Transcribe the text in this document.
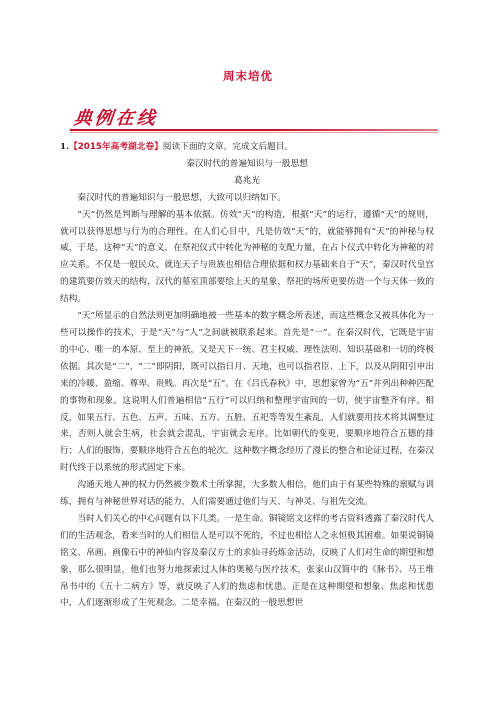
周末培优
典例在线
1.【2015年高考湖北卷】阅读下面的文章，完成文后题目。
秦汉时代的普遍知识与一般思想
葛兆光

秦汉时代的普遍知识与一般思想，大致可以归纳如下。

“天”仍然是判断与理解的基本依据。仿效“天”的构造，根据“天”的运行，遵循“天”的规则，就可以获得思想与行为的合理性。在人们心目中，凡是仿效“天”的，就能够拥有“天”的神秘与权威，于是，这种“天”的意义，在祭祀仪式中转化为神秘的支配力量，在占卜仪式中转化为神秘的对应关系。不仅是一般民众，就连天子与贵族也相信合理依据和权力基础来自于“天”，秦汉时代皇宫的建筑要仿效天的结构，汉代的墓室顶部要绘上天的星象，祭祀的场所更要仿造一个与天体一致的结构。

“天”所显示的自然法则更加明确地被一些基本的数字概念所表述，而这些概念又被具体化为一些可以操作的技术，于是“天”与“人”之间就被联系起来。首先是“一”。在秦汉时代，它既是宇宙的中心、唯一的本原、至上的神祇，又是天下一统、君主权威、理性法则、知识基础和一切的终极依据。其次是“二”，“二”即阴阳，既可以指日月、天地，也可以指君臣、上下，以及从阴阳引申出来的冷暖、盈缩、尊卑、贵贱。再次是“五”。在《吕氏春秋》中，思想家曾为“五”并列出种种匹配的事物和现象。这说明人们普遍相信“五行”可以归纳和整理宇宙间的一切，使宇宙整齐有序。相反，如果五行、五色、五声、五味、五方、五脏、五祀等等发生紊乱，人们就要用技术将其调整过来，否则人就会生病，社会就会混乱，宇宙就会无序。比如朝代的变更，要顺序地符合五德的排行；人们的服饰，要顺序地符合五色的轮次。这种数字概念经历了漫长的整合和论证过程，在秦汉时代终于以系统的形式固定下来。

沟通天地人神的权力仍然被少数术士所掌握，大多数人相信，他们由于有某些特殊的禀赋与训练，拥有与神秘世界对话的能力，人们需要通过他们与天、与神灵、与祖先交流。

当时人们关心的中心问题有以下几类。一是生命。铜镜铭文这样的考古资料透露了秦汉时代人们的生活观念，看来当时的人们相信人是可以不死的，不过也相信人之永恒极其困难。如果说铜镜铭文、帛画、画像石中的神仙内容及秦汉方士的求仙寻药炼金活动，反映了人们对生命的期望和想象，那么很明显，他们也努力地探索过人体的奥秘与医疗技术，张家山汉简中的《脉书》、马王堆帛书中的《五十二病方》等，就反映了人们的焦虑和忧患。正是在这种期望和想象、焦虑和忧患中，人们逐渐形成了生死观念。二是幸福。在秦汉的一般思想世
